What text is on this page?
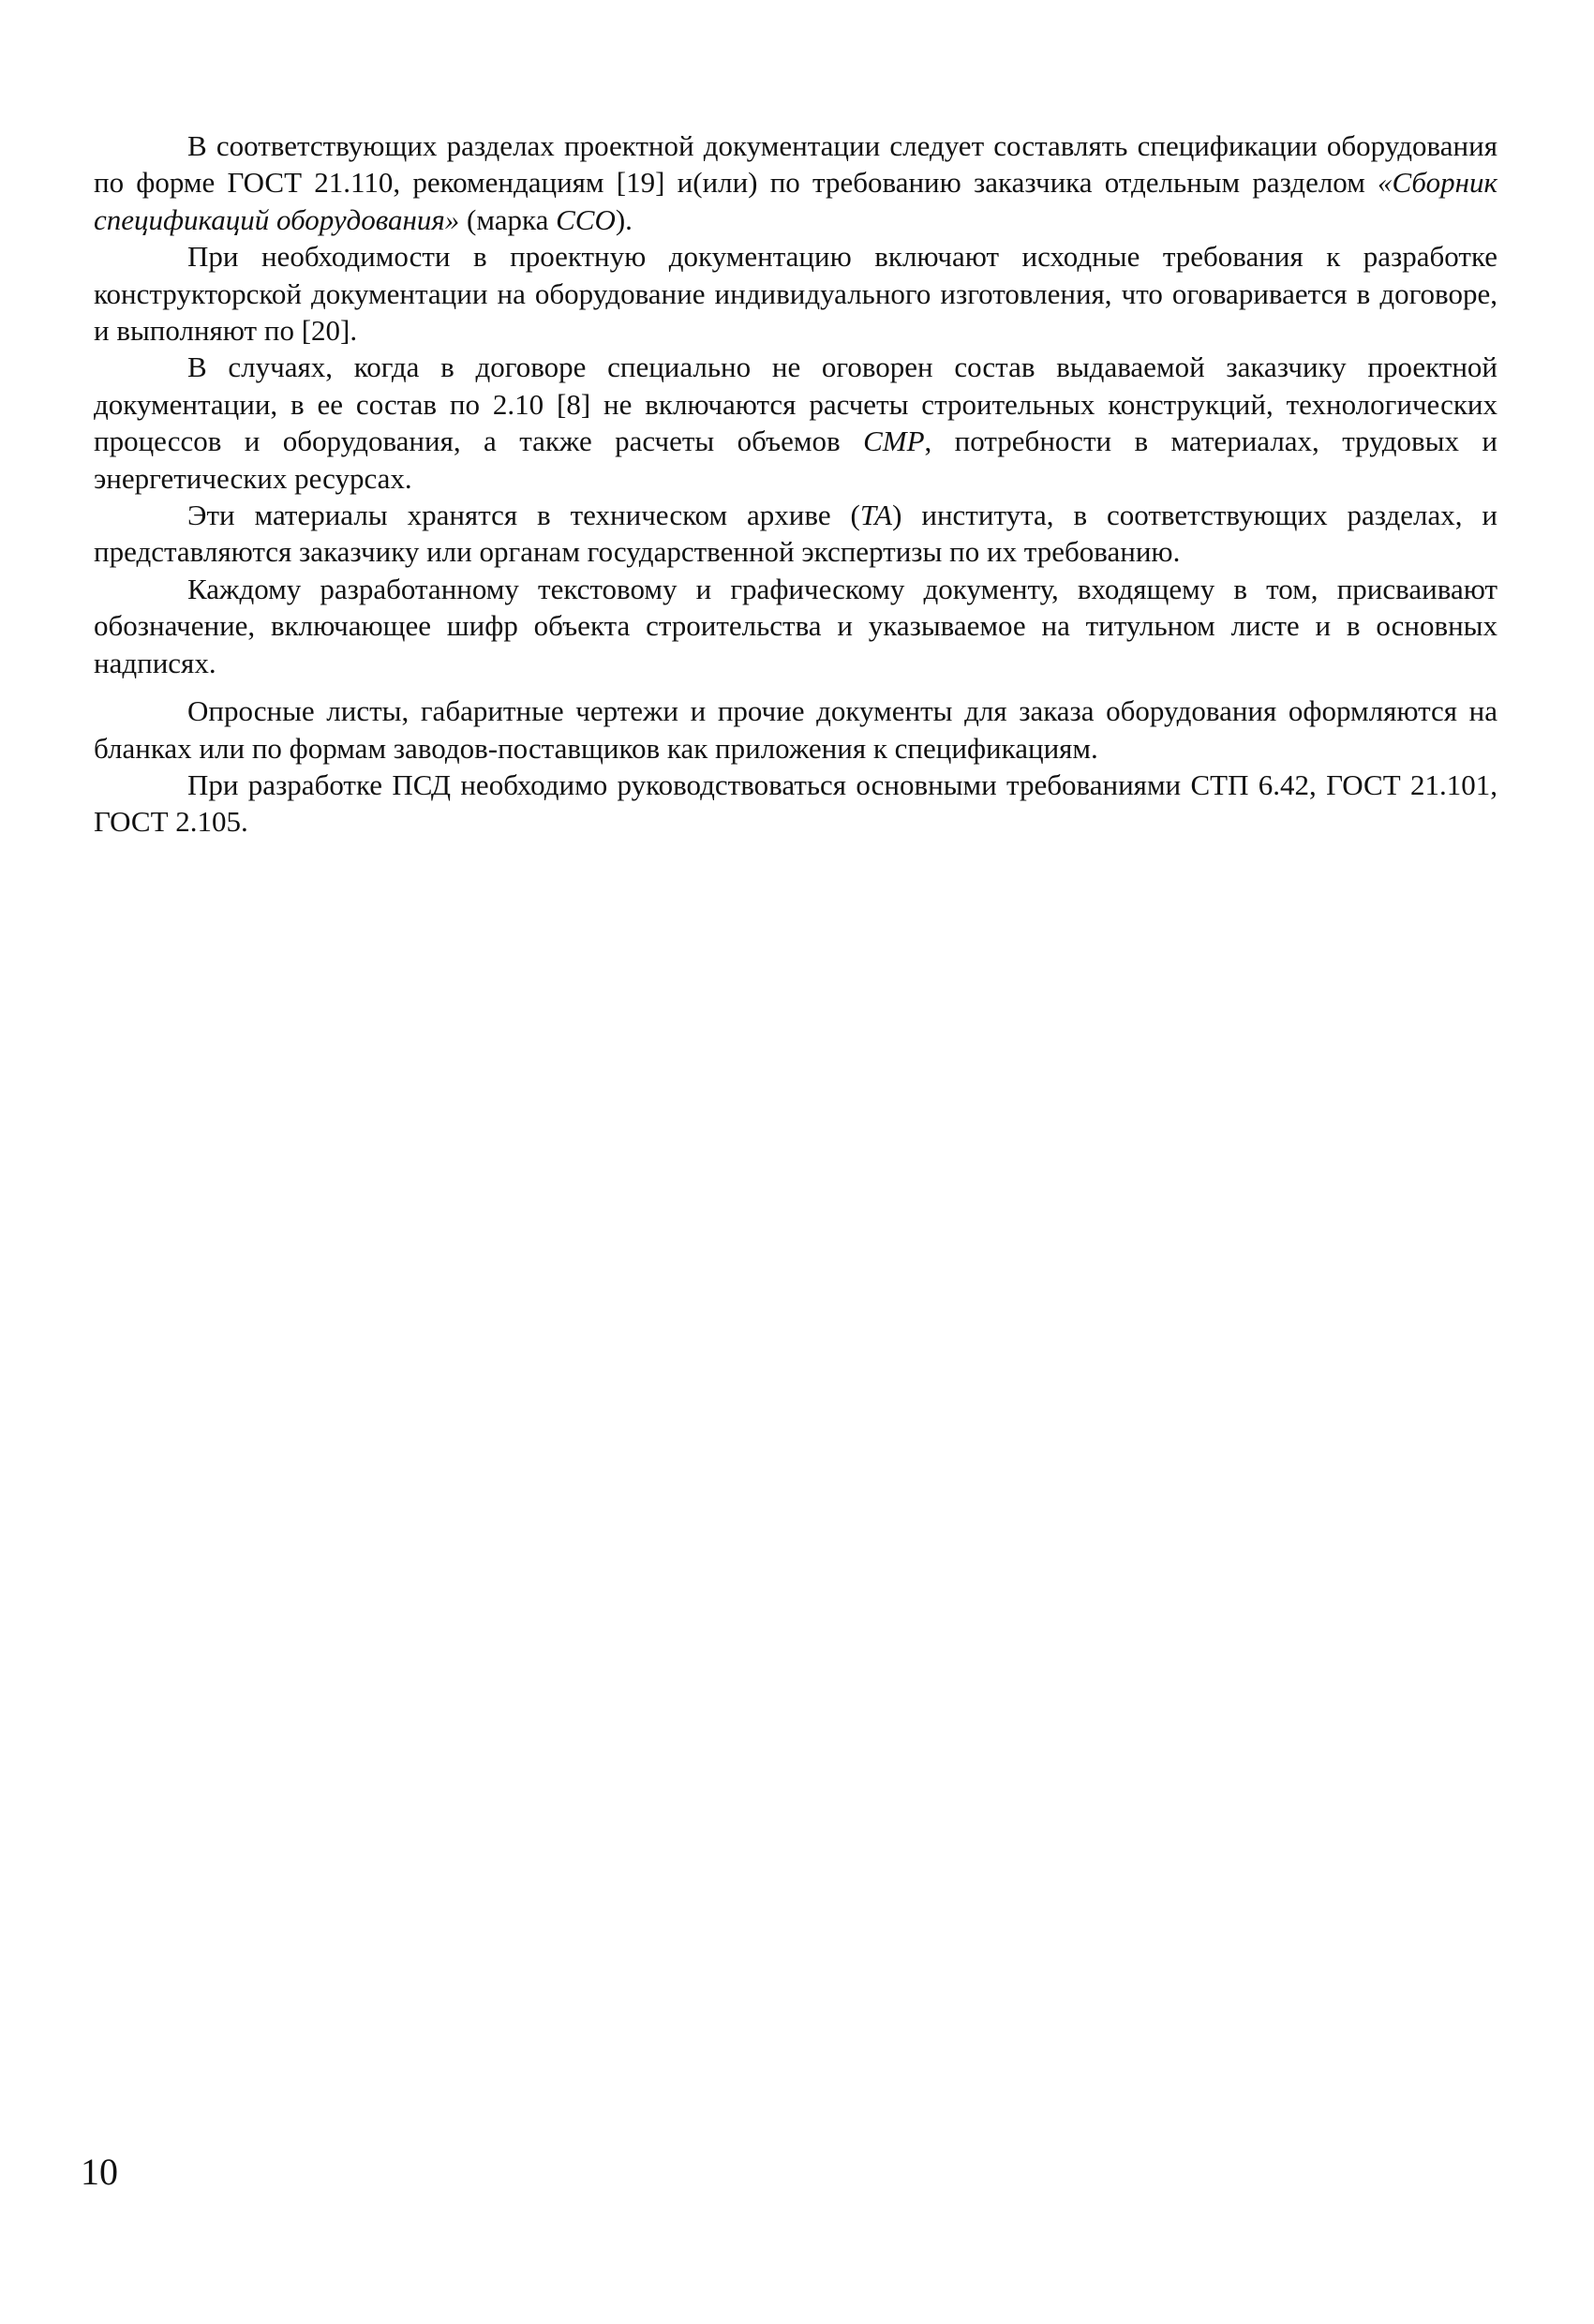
В соответствующих разделах проектной документации следует составлять спецификации оборудования по форме ГОСТ 21.110, рекомендациям [19] и(или) по требованию заказчика отдельным разделом «Сборник спецификаций оборудования» (марка ССО).

При необходимости в проектную документацию включают исходные требования к разработке конструкторской документации на оборудование индивидуального изготовления, что оговаривается в договоре, и выполняют по [20].

В случаях, когда в договоре специально не оговорен состав выдаваемой заказчику проектной документации, в ее состав по 2.10 [8] не включаются расчеты строительных конструкций, технологических процессов и оборудования, а также расчеты объемов СМР, потребности в материалах, трудовых и энергетических ресурсах.

Эти материалы хранятся в техническом архиве (ТА) института, в соответствующих разделах, и представляются заказчику или органам государственной экспертизы по их требованию.

Каждому разработанному текстовому и графическому документу, входящему в том, присваивают обозначение, включающее шифр объекта строительства и указываемое на титульном листе и в основных надписях.

Опросные листы, габаритные чертежи и прочие документы для заказа оборудования оформляются на бланках или по формам заводов-поставщиков как приложения к спецификациям.

При разработке ПСД необходимо руководствоваться основными требованиями СТП 6.42, ГОСТ 21.101, ГОСТ 2.105.

10
